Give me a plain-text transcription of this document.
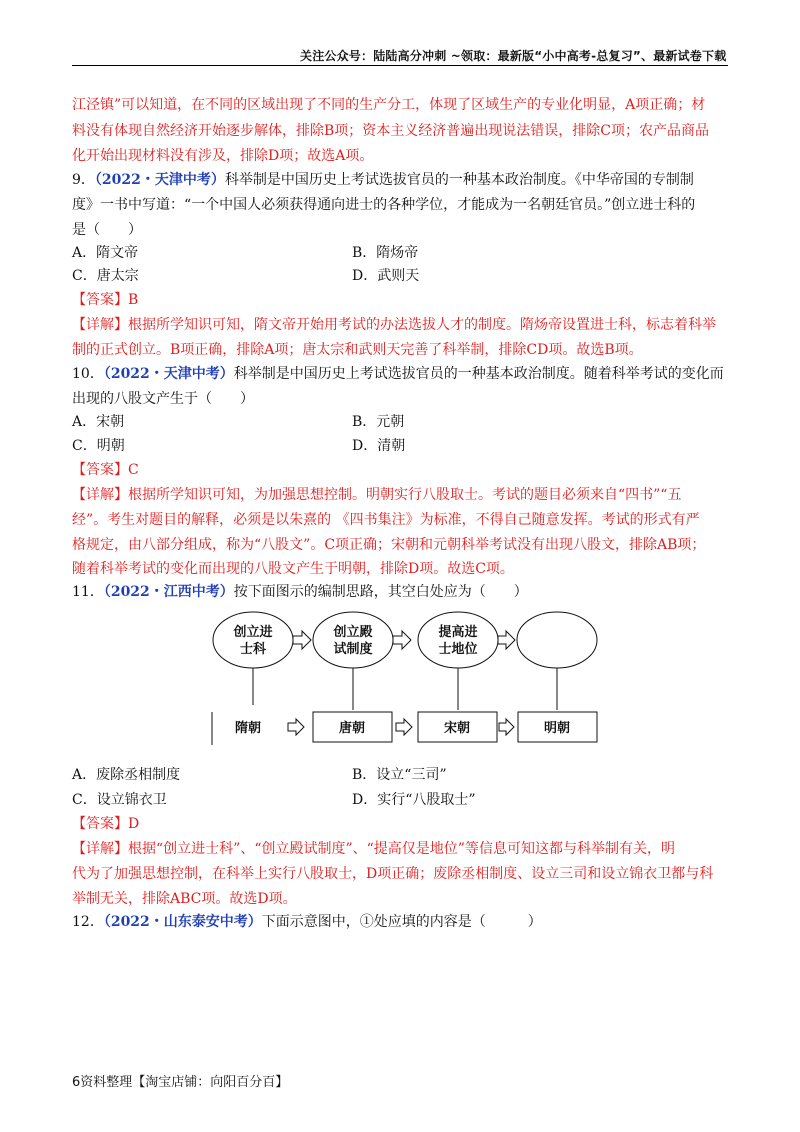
关注公众号：陆陆高分冲刺 ~领取：最新版“小中高考-总复习”、最新试卷下载
江泾镇”可以知道，在不同的区域出现了不同的生产分工，体现了区域生产的专业化明显，A项正确；材
料没有体现自然经济开始逐步解体，排除B项；资本主义经济普遍出现说法错误，排除C项；农产品商品
化开始出现材料没有涉及，排除D项；故选A项。
9．（2022・天津中考）科举制是中国历史上考试选拔官员的一种基本政治制度。《中华帝国的专制制
度》一书中写道：“一个中国人必须获得通向进士的各种学位，才能成为一名朝廷官员。”创立进士科的
是（　　）
A．隋文帝	B．隋炀帝
C．唐太宗	D．武则天
【答案】B
【详解】根据所学知识可知，隋文帝开始用考试的办法选拔人才的制度。隋炀帝设置进士科，标志着科举
制的正式创立。B项正确，排除A项；唐太宗和武则天完善了科举制，排除CD项。故选B项。
10．（2022・天津中考）科举制是中国历史上考试选拔官员的一种基本政治制度。随着科举考试的变化而
出现的八股文产生于（　　）
A．宋朝	B．元朝
C．明朝	D．清朝
【答案】C
【详解】根据所学知识可知，为加强思想控制。明朝实行八股取士。考试的题目必须来自“四书”“五
经”。考生对题目的解释，必须是以朱熹的 《四书集注》为标准，不得自己随意发挥。考试的形式有严
格规定，由八部分组成，称为“八股文”。C项正确；宋朝和元朝科举考试没有出现八股文，排除AB项；
随着科举考试的变化而出现的八股文产生于明朝，排除D项。故选C项。
11．（2022・江西中考）按下面图示的编制思路，其空白处应为（　　）
创立进
士科
创立殿
试制度
提高进
士地位
隋朝	唐朝	宋朝	明朝
A．废除丞相制度	B．设立“三司”
C．设立锦衣卫	D．实行“八股取士”
【答案】D
【详解】根据“创立进士科”、“创立殿试制度”、“提高仅是地位”等信息可知这都与科举制有关，明
代为了加强思想控制，在科举上实行八股取士，D项正确；废除丞相制度、设立三司和设立锦衣卫都与科
举制无关，排除ABC项。故选D项。
12．（2022・山东泰安中考）下面示意图中，①处应填的内容是（　　　）
6资料整理【淘宝店铺：向阳百分百】
